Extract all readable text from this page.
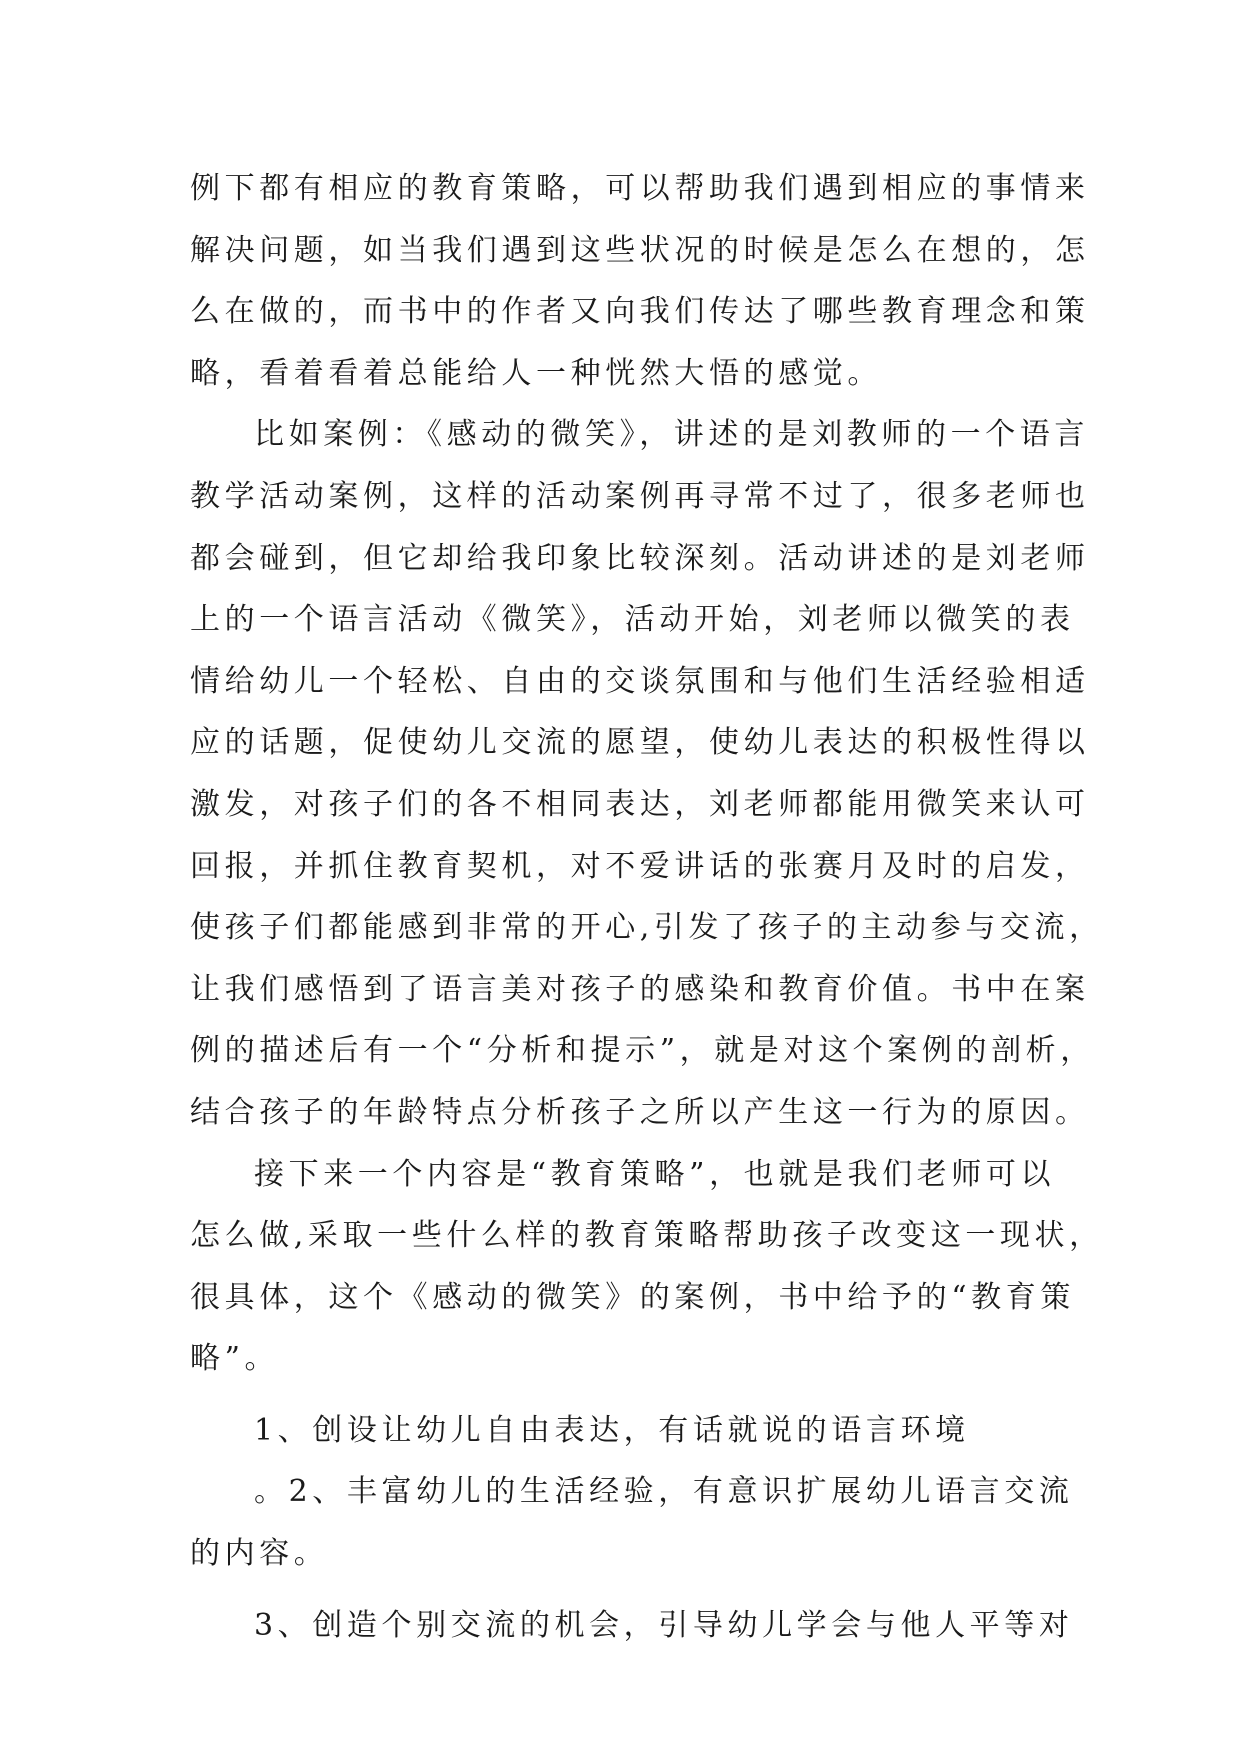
例下都有相应的教育策略，可以帮助我们遇到相应的事情来
解决问题，如当我们遇到这些状况的时候是怎么在想的，怎
么在做的，而书中的作者又向我们传达了哪些教育理念和策
略，看着看着总能给人一种恍然大悟的感觉。
比如案例：《感动的微笑》，讲述的是刘教师的一个语言
教学活动案例，这样的活动案例再寻常不过了，很多老师也
都会碰到，但它却给我印象比较深刻。活动讲述的是刘老师
上的一个语言活动《微笑》，活动开始，刘老师以微笑的表
情给幼儿一个轻松、自由的交谈氛围和与他们生活经验相适
应的话题，促使幼儿交流的愿望，使幼儿表达的积极性得以
激发，对孩子们的各不相同表达，刘老师都能用微笑来认可
回报，并抓住教育契机，对不爱讲话的张赛月及时的启发，
使孩子们都能感到非常的开心,引发了孩子的主动参与交流，
让我们感悟到了语言美对孩子的感染和教育价值。书中在案
例的描述后有一个“分析和提示”，就是对这个案例的剖析，
结合孩子的年龄特点分析孩子之所以产生这一行为的原因。
接下来一个内容是“教育策略”，也就是我们老师可以
怎么做,采取一些什么样的教育策略帮助孩子改变这一现状，
很具体，这个《感动的微笑》的案例，书中给予的“教育策
略”。
1、创设让幼儿自由表达，有话就说的语言环境
。2、丰富幼儿的生活经验，有意识扩展幼儿语言交流
的内容。
3、创造个别交流的机会，引导幼儿学会与他人平等对
